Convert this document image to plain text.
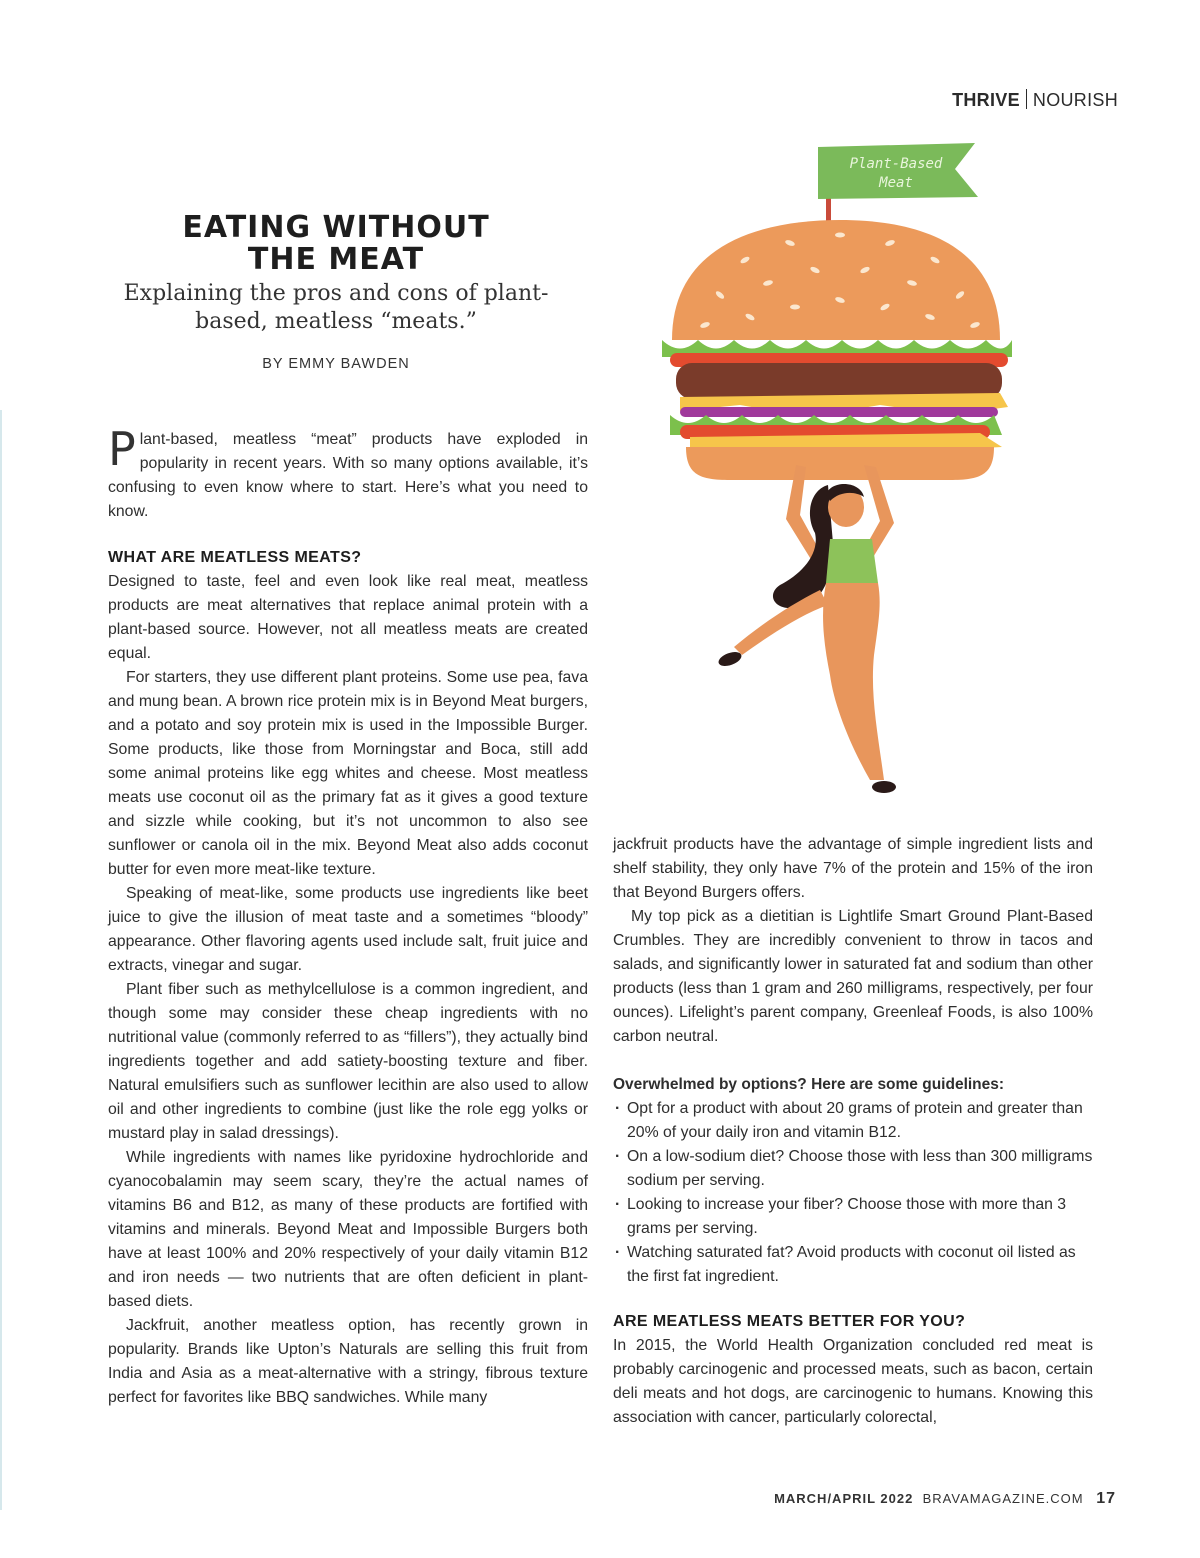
THRIVE NOURISH
EATING WITHOUT
THE MEAT
Explaining the pros and cons of plant-
based, meatless “meats.”
BY EMMY BAWDEN

Plant-based, meatless “meat” products have exploded in popularity in recent years. With so many options available, it’s confusing to even know where to start. Here’s what you need to know.

WHAT ARE MEATLESS MEATS?

Designed to taste, feel and even look like real meat, meatless products are meat alternatives that replace animal protein with a plant-based source. However, not all meatless meats are created equal.

For starters, they use different plant proteins. Some use pea, fava and mung bean. A brown rice protein mix is in Beyond Meat burgers, and a potato and soy protein mix is used in the Impossible Burger. Some products, like those from Morningstar and Boca, still add some animal proteins like egg whites and cheese. Most meatless meats use coconut oil as the primary fat as it gives a good texture and sizzle while cooking, but it’s not uncommon to also see sunflower or canola oil in the mix. Beyond Meat also adds coconut butter for even more meat-like texture.

Speaking of meat-like, some products use ingredients like beet juice to give the illusion of meat taste and a sometimes “bloody” appearance. Other flavoring agents used include salt, fruit juice and extracts, vinegar and sugar.

Plant fiber such as methylcellulose is a common ingredient, and though some may consider these cheap ingredients with no nutritional value (commonly referred to as “fillers”), they actually bind ingredients together and add satiety-boosting texture and fiber. Natural emulsifiers such as sunflower lecithin are also used to allow oil and other ingredients to combine (just like the role egg yolks or mustard play in salad dressings).

While ingredients with names like pyridoxine hydrochloride and cyanocobalamin may seem scary, they’re the actual names of vitamins B6 and B12, as many of these products are fortified with vitamins and minerals. Beyond Meat and Impossible Burgers both have at least 100% and 20% respectively of your daily vitamin B12 and iron needs — two nutrients that are often deficient in plant-based diets.

Jackfruit, another meatless option, has recently grown in popularity. Brands like Upton’s Naturals are selling this fruit from India and Asia as a meat-alternative with a stringy, fibrous texture perfect for favorites like BBQ sandwiches. While many

Plant-Based
Meat

jackfruit products have the advantage of simple ingredient lists and shelf stability, they only have 7% of the protein and 15% of the iron that Beyond Burgers offers.

My top pick as a dietitian is Lightlife Smart Ground Plant-Based Crumbles. They are incredibly convenient to throw in tacos and salads, and significantly lower in saturated fat and sodium than other products (less than 1 gram and 260 milligrams, respectively, per four ounces). Lifelight’s parent company, Greenleaf Foods, is also 100% carbon neutral.

Overwhelmed by options? Here are some guidelines:
· Opt for a product with about 20 grams of protein and greater than 20% of your daily iron and vitamin B12.
· On a low-sodium diet? Choose those with less than 300 milligrams sodium per serving.
· Looking to increase your fiber? Choose those with more than 3 grams per serving.
· Watching saturated fat? Avoid products with coconut oil listed as the first fat ingredient.
ARE MEATLESS MEATS BETTER FOR YOU?

In 2015, the World Health Organization concluded red meat is probably carcinogenic and processed meats, such as bacon, certain deli meats and hot dogs, are carcinogenic to humans. Knowing this association with cancer, particularly colorectal,

MARCH/APRIL 2022 BRAVAMAGAZINE.COM 17
